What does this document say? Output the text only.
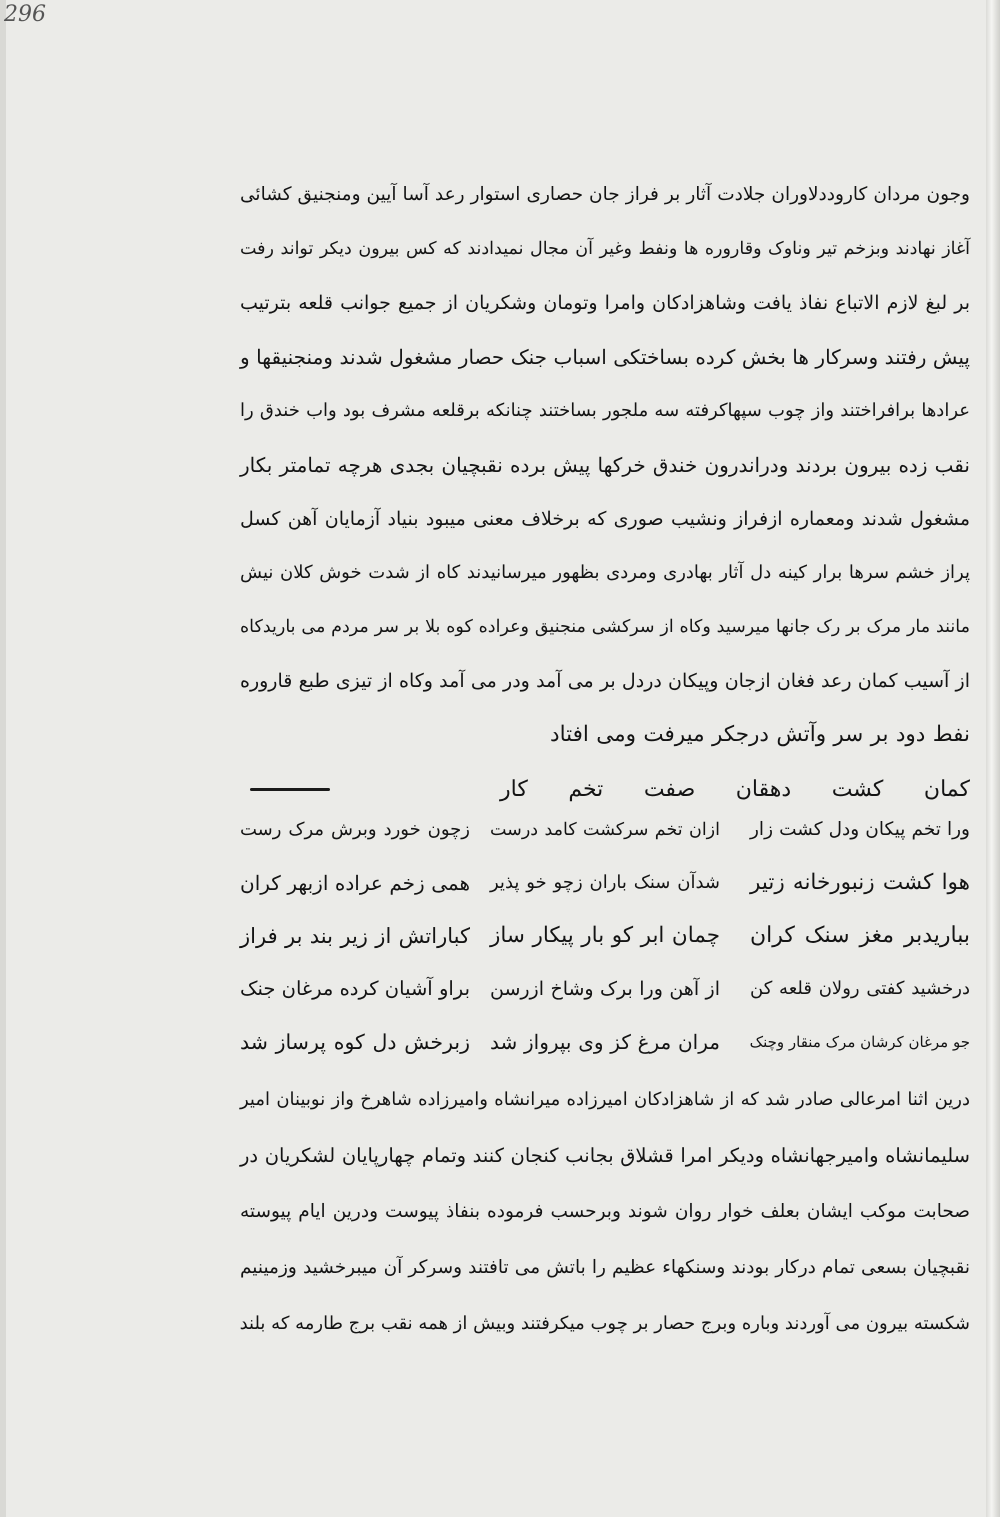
296
وجون مردان کاروددلاوران جلادت آثار بر فراز جان حصاری استوار رعد آسا آیین ومنجنیق کشائی
آغاز نهادند وبزخم تیر وناوک وقاروره ها ونفط وغیر آن مجال نمیدادند که کس بیرون دیکر تواند رفت
بر لبغ لازم الاتباع نفاذ یافت وشاهزادکان وامرا وتومان وشکریان از جمیع جوانب قلعه بترتیب
پیش رفتند وسرکار ها بخش کرده بساختکی اسباب جنک حصار مشغول شدند ومنجنیقها و
عرادها برافراختند واز چوب سپهاکرفته سه ملجور بساختند چنانکه برقلعه مشرف بود واب خندق را
نقب زده بیرون بردند ودراندرون خندق خرکها پیش برده نقبچیان بجدی هرچه تمامتر بکار
مشغول شدند ومعماره ازفراز ونشیب صوری که برخلاف معنی میبود بنیاد آزمایان آهن کسل
پراز خشم سرها برار کینه دل آثار بهادری ومردی بظهور میرسانیدند کاه از شدت خوش کلان نیش
مانند مار مرک بر رک جانها میرسید وکاه از سرکشی منجنیق وعراده کوه بلا بر سر مردم می باریدکاه
از آسیب کمان رعد فغان ازجان وپیکان دردل بر می آمد ودر می آمد وکاه از تیزی طبع قاروره
نفط دود بر سر وآتش درجکر میرفت ومی افتاد
کمان کشت دهقان صفت تخم کار
ورا تخم پیکان ودل کشت زار
ازان تخم سرکشت کامد درست
زچون خورد وبرش مرک رست
هوا کشت زنبورخانه زتیر
شدآن سنک باران زچو خو پذیر
همی زخم عراده ازبهر کران
بباریدبر مغز سنک کران
چمان ابر کو بار پیکار ساز
کباراتش از زیر بند بر فراز
درخشید کفتی رولان قلعه کن
از آهن ورا برک وشاخ ازرسن
براو آشیان کرده مرغان جنک
جو مرغان کرشان مرک منقار وچنک
مران مرغ کز وی بپرواز شد
زبرخش دل کوه پرساز شد
درین اثنا امرعالی صادر شد که از شاهزادکان امیرزاده میرانشاه وامیرزاده شاهرخ واز نوبینان امیر
سلیمانشاه وامیرجهانشاه ودیکر امرا قشلاق بجانب کنجان کنند وتمام چهارپایان لشکریان در
صحابت موکب ایشان بعلف خوار روان شوند وبرحسب فرموده بنفاذ پیوست ودرین ایام پیوسته
نقبچیان بسعی تمام درکار بودند وسنکهاء عظیم را باتش می تافتند وسرکر آن میبرخشید وزمینیم
شکسته بیرون می آوردند وباره وبرج حصار بر چوب میکرفتند وبیش از همه نقب برج طارمه که بلند
